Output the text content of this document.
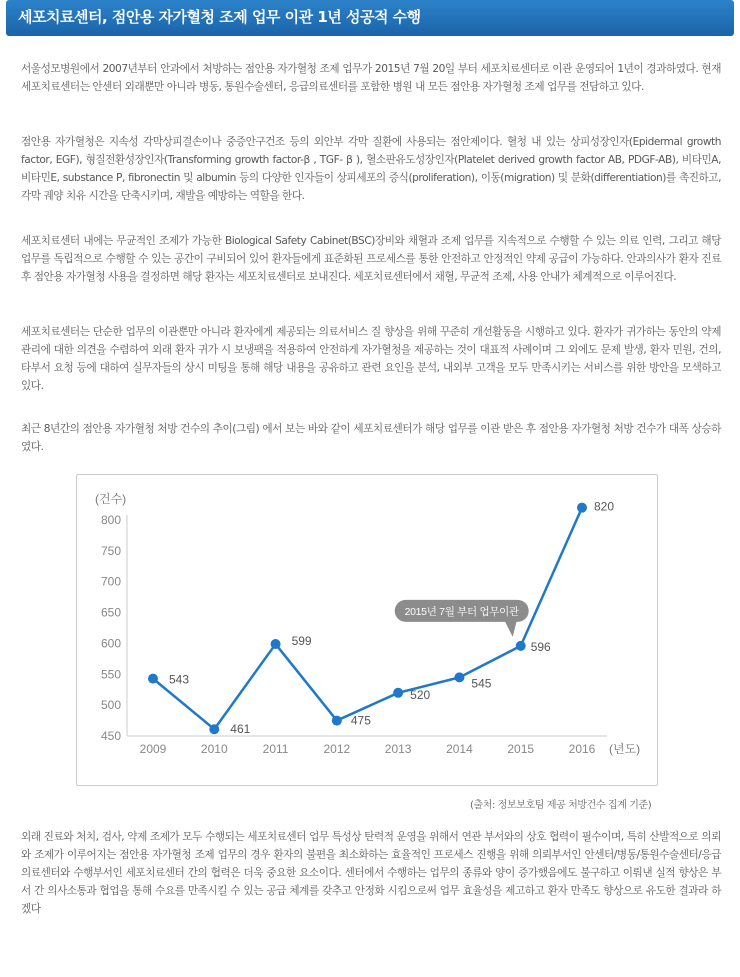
세포치료센터, 점안용 자가혈청 조제 업무 이관 1년 성공적 수행
서울성모병원에서 2007년부터 안과에서 처방하는 점안용 자가혈청 조제 업무가 2015년 7월 20일 부터 세포치료센터로 이관 운영되어 1년이 경과하였다. 현재 세포치료센터는 안센터 외래뿐만 아니라 병동, 통원수술센터, 응급의료센터를 포함한 병원 내 모든 점안용 자가혈청 조제 업무를 전담하고 있다.
점안용 자가혈청은 지속성 각막상피결손이나 중증안구건조 등의 외안부 각막 질환에 사용되는 점안제이다. 혈청 내 있는 상피성장인자(Epidermal growth factor, EGF), 형질전환성장인자(Transforming growth factor-β , TGF- β ), 혈소판유도성장인자(Platelet derived growth factor AB, PDGF-AB), 비타민A, 비타민E, substance P, fibronectin 및 albumin 등의 다양한 인자들이 상피세포의 증식(proliferation), 이동(migration) 및 분화(differentiation)를 촉진하고, 각막 궤양 치유 시간을 단축시키며, 재발을 예방하는 역할을 한다.
세포치료센터 내에는 무균적인 조제가 가능한 Biological Safety Cabinet(BSC)장비와 채혈과 조제 업무를 지속적으로 수행할 수 있는 의료 인력, 그리고 해당 업무를 독립적으로 수행할 수 있는 공간이 구비되어 있어 환자들에게 표준화된 프로세스를 통한 안전하고 안정적인 약제 공급이 가능하다. 안과의사가 환자 진료 후 점안용 자가혈청 사용을 결정하면 해당 환자는 세포치료센터로 보내진다. 세포치료센터에서 채혈, 무균적 조제, 사용 안내가 체계적으로 이루어진다.
세포치료센터는 단순한 업무의 이관뿐만 아니라 환자에게 제공되는 의료서비스 질 향상을 위해 꾸준히 개선활동을 시행하고 있다. 환자가 귀가하는 동안의 약제 관리에 대한 의견을 수렴하여 외래 환자 귀가 시 보냉팩을 적용하여 안전하게 자가혈청을 제공하는 것이 대표적 사례이며 그 외에도 문제 발생, 환자 민원, 건의, 타부서 요청 등에 대하여 실무자들의 상시 미팅을 통해 해당 내용을 공유하고 관련 요인을 분석, 내외부 고객을 모두 만족시키는 서비스를 위한 방안을 모색하고 있다.
최근 8년간의 점안용 자가혈청 처방 건수의 추이(그림) 에서 보는 바와 같이 세포치료센터가 해당 업무를 이관 받은 후 점안용 자가혈청 처방 건수가 대폭 상승하였다.
(건수)
450
500
550
600
650
700
750
800
2009	2010	2011	2012	2013	2014	2015	2016 (년도)
543
461
599
475
520
545
596
820
2015년 7월 부터 업무이관
(출처: 정보보호팀 제공 처방건수 집계 기준)
외래 진료와 처치, 검사, 약제 조제가 모두 수행되는 세포치료센터 업무 특성상 탄력적 운영을 위해서 연관 부서와의 상호 협력이 필수이며, 특히 산발적으로 의뢰와 조제가 이루어지는 점안용 자가혈청 조제 업무의 경우 환자의 불편을 최소화하는 효율적인 프로세스 진행을 위해 의뢰부서인 안센터/병동/통원수술센터/응급의료센터와 수행부서인 세포치료센터 간의 협력은 더욱 중요한 요소이다. 센터에서 수행하는 업무의 종류와 양이 증가했음에도 불구하고 이뤄낸 실적 향상은 부서 간 의사소통과 협업을 통해 수요를 만족시킬 수 있는 공급 체계를 갖추고 안정화 시킴으로써 업무 효율성을 제고하고 환자 만족도 향상으로 유도한 결과라 하겠다
